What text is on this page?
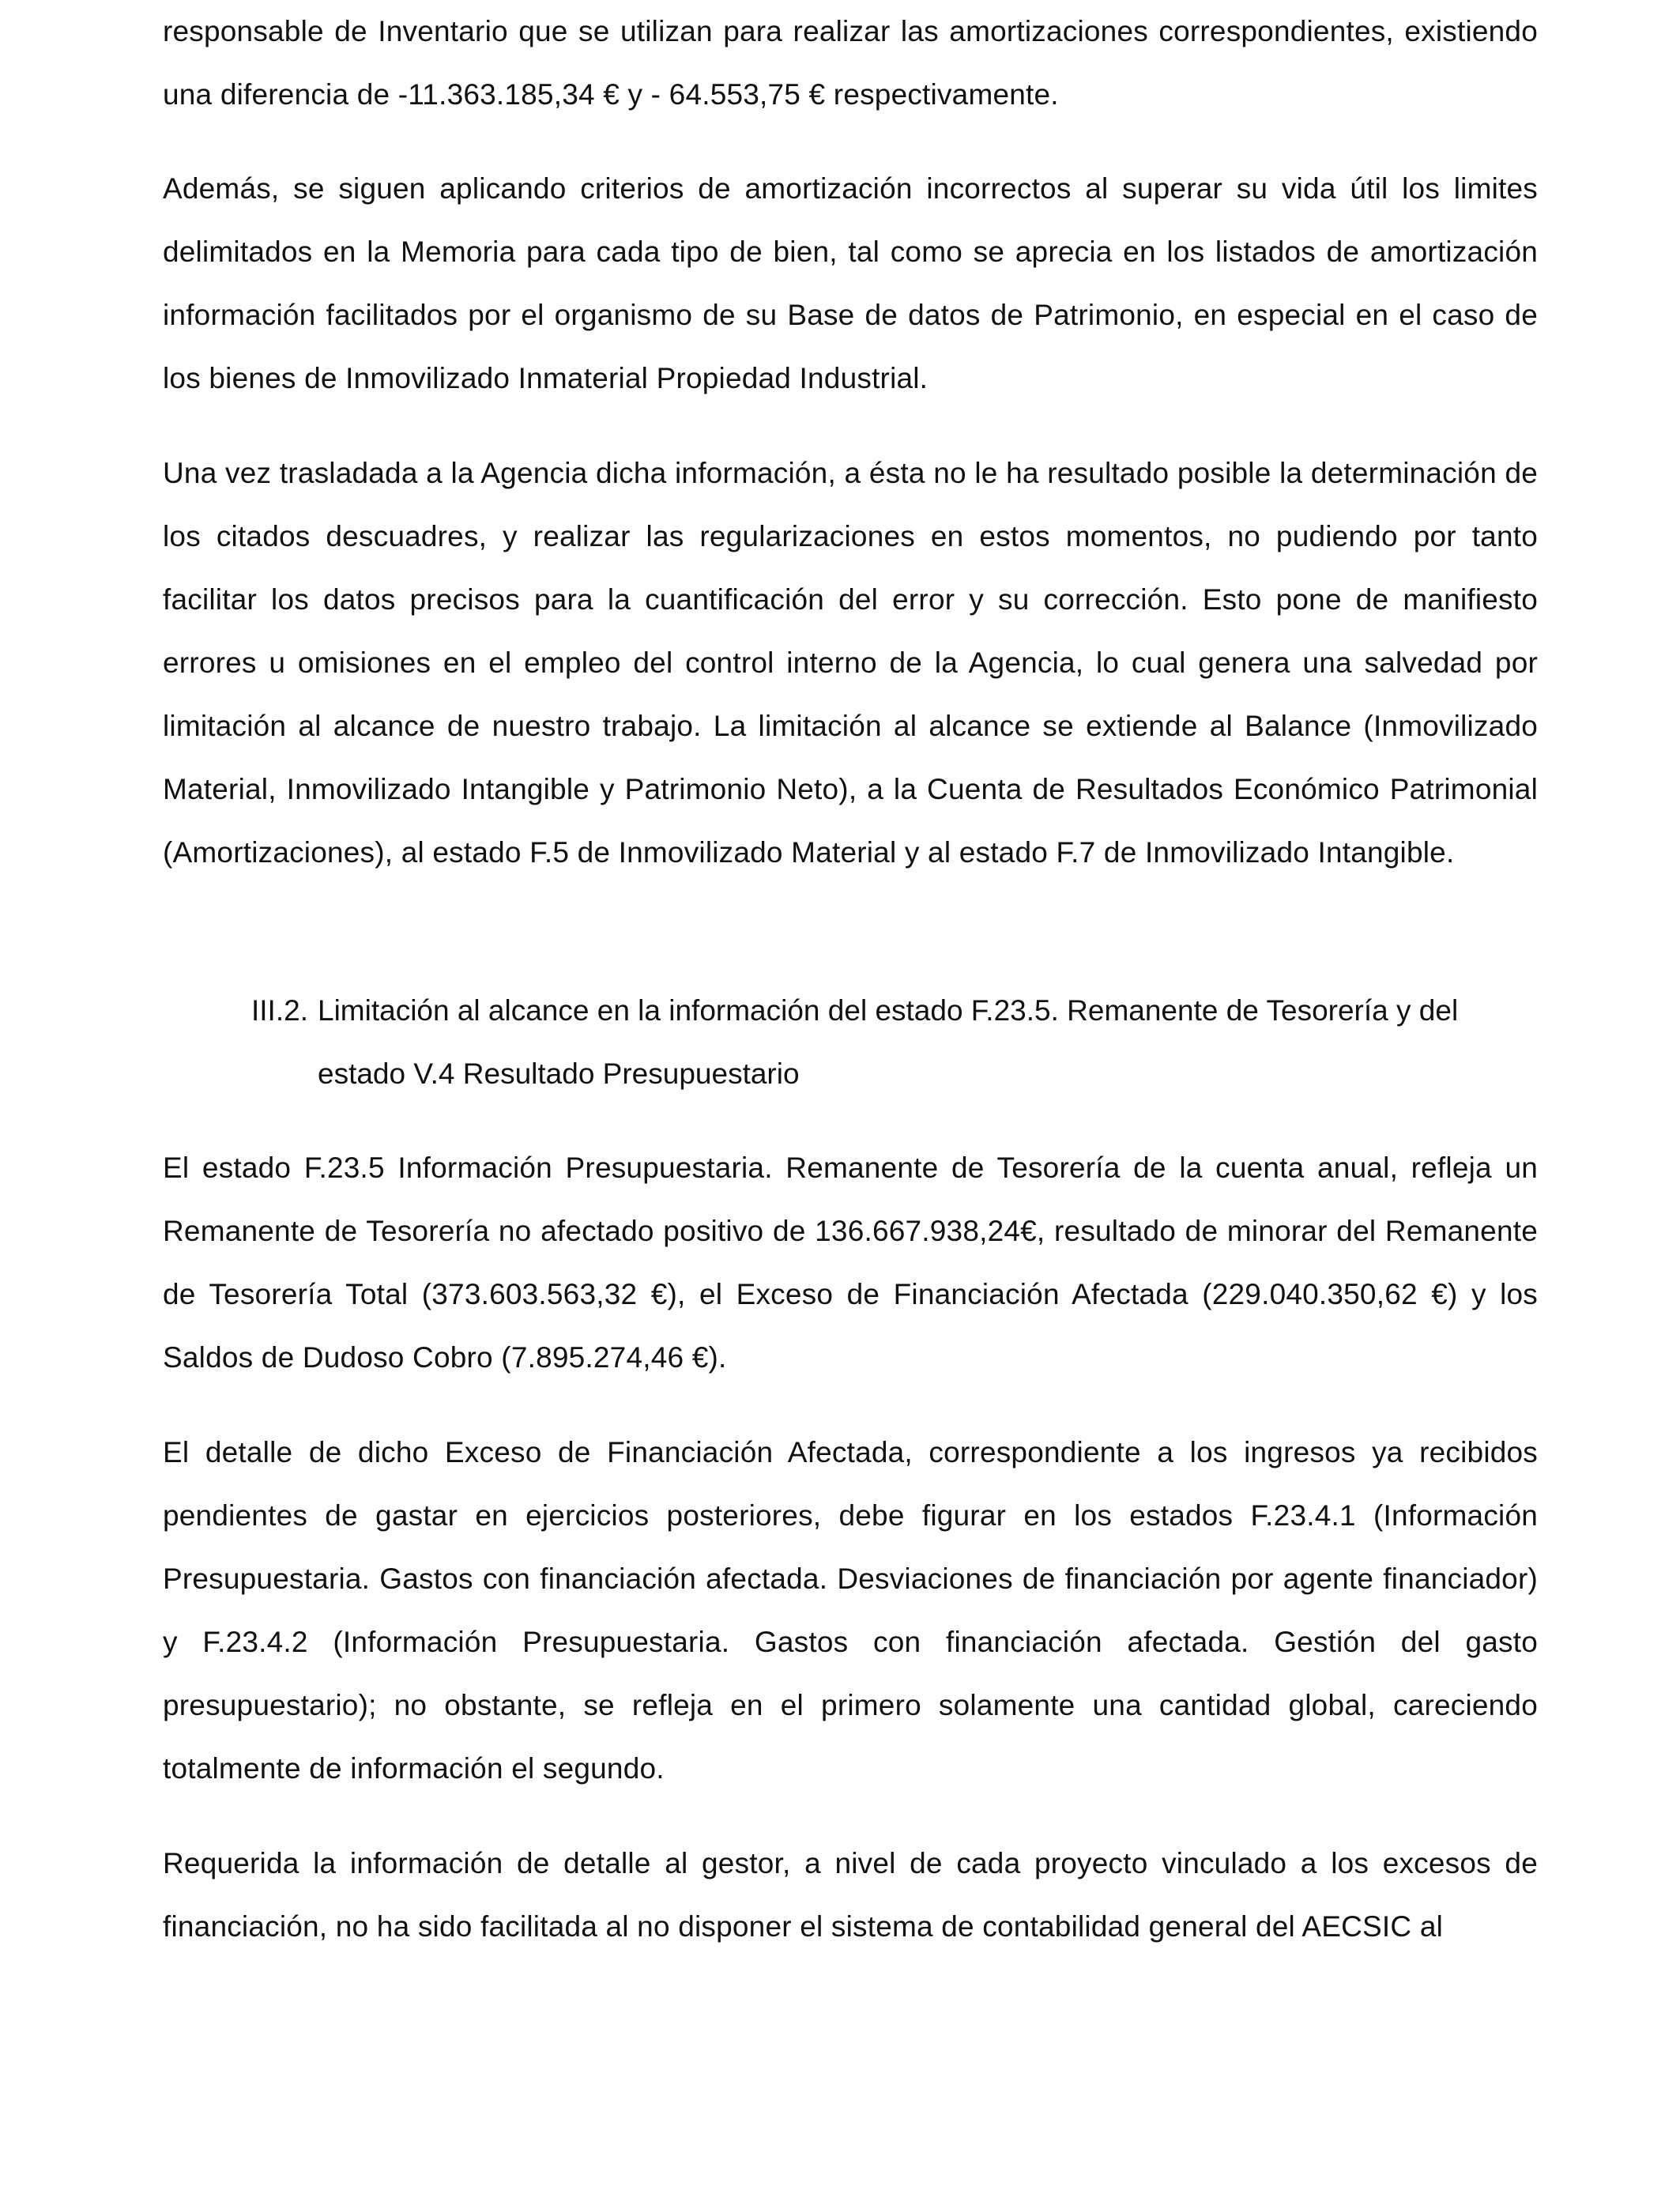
responsable de Inventario que se utilizan para realizar las amortizaciones correspondientes, existiendo una diferencia de -11.363.185,34 € y - 64.553,75 € respectivamente.

Además, se siguen aplicando criterios de amortización incorrectos al superar su vida útil los limites delimitados en la Memoria para cada tipo de bien, tal como se aprecia en los listados de amortización información facilitados por el organismo de su Base de datos de Patrimonio, en especial en el caso de los bienes de Inmovilizado Inmaterial Propiedad Industrial.

Una vez trasladada a la Agencia dicha información, a ésta no le ha resultado posible la determinación de los citados descuadres, y realizar las regularizaciones en estos momentos, no pudiendo por tanto facilitar los datos precisos para la cuantificación del error y su corrección. Esto pone de manifiesto errores u omisiones en el empleo del control interno de la Agencia, lo cual genera una salvedad por limitación al alcance de nuestro trabajo. La limitación al alcance se extiende al Balance (Inmovilizado Material, Inmovilizado Intangible y Patrimonio Neto), a la Cuenta de Resultados Económico Patrimonial (Amortizaciones), al estado F.5 de Inmovilizado Material y al estado F.7 de Inmovilizado Intangible.

III.2. Limitación al alcance en la información del estado F.23.5. Remanente de Tesorería y del
estado V.4 Resultado Presupuestario

El estado F.23.5 Información Presupuestaria. Remanente de Tesorería de la cuenta anual, refleja un Remanente de Tesorería no afectado positivo de 136.667.938,24€, resultado de minorar del Remanente de Tesorería Total (373.603.563,32 €), el Exceso de Financiación Afectada (229.040.350,62 €) y los Saldos de Dudoso Cobro (7.895.274,46 €).

El detalle de dicho Exceso de Financiación Afectada, correspondiente a los ingresos ya recibidos pendientes de gastar en ejercicios posteriores, debe figurar en los estados F.23.4.1 (Información Presupuestaria. Gastos con financiación afectada. Desviaciones de financiación por agente financiador) y F.23.4.2 (Información Presupuestaria. Gastos con financiación afectada. Gestión del gasto presupuestario); no obstante, se refleja en el primero solamente una cantidad global, careciendo totalmente de información el segundo.

Requerida la información de detalle al gestor, a nivel de cada proyecto vinculado a los excesos de financiación, no ha sido facilitada al no disponer el sistema de contabilidad general del AECSIC al
